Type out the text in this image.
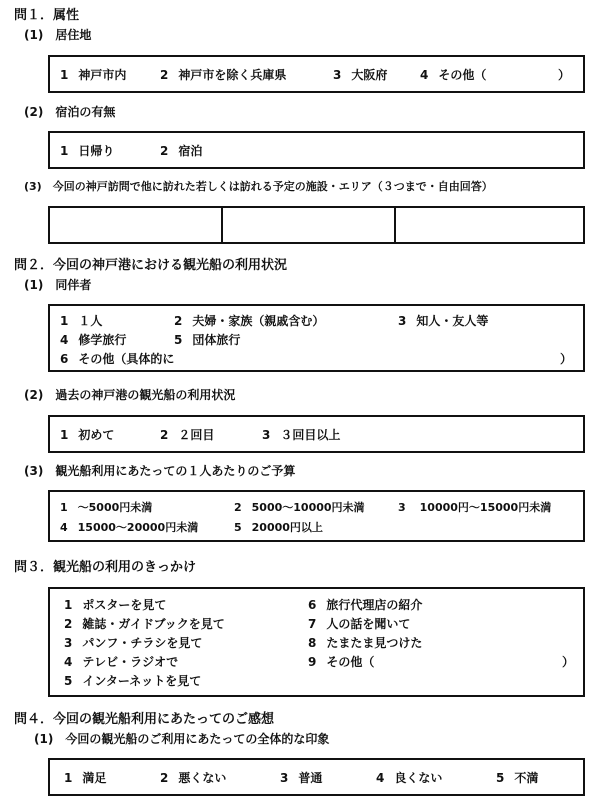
問１．属性
(1)　居住地
1 神戸市内	2 神戸市を除く兵庫県	3 大阪府	4 その他（	）
(2)　宿泊の有無
1 日帰り	2 宿泊
(3)　今回の神戸訪問で他に訪れた若しくは訪れる予定の施設・エリア（３つまで・自由回答）
問２．今回の神戸港における観光船の利用状況
(1)　同伴者
1 １人	2 夫婦・家族（親戚含む）	3 知人・友人等
4 修学旅行	5 団体旅行
6 その他（具体的に	）
(2)　過去の神戸港の観光船の利用状況
1 初めて	2 ２回目	3 ３回目以上
(3)　観光船利用にあたっての１人あたりのご予算
1 ～5000円未満	2 5000～10000円未満	3 10000円～15000円未満
4 15000～20000円未満	5 20000円以上
問３．観光船の利用のきっかけ
1 ポスターを見て
2 雑誌・ガイドブックを見て
3 パンフ・チラシを見て
4 テレビ・ラジオで
5 インターネットを見て
6 旅行代理店の紹介
7 人の話を聞いて
8 たまたま見つけた
9 その他（	）
問４．今回の観光船利用にあたってのご感想
(1)　今回の観光船のご利用にあたっての全体的な印象
1 満足	2 悪くない	3 普通	4 良くない	5 不満
